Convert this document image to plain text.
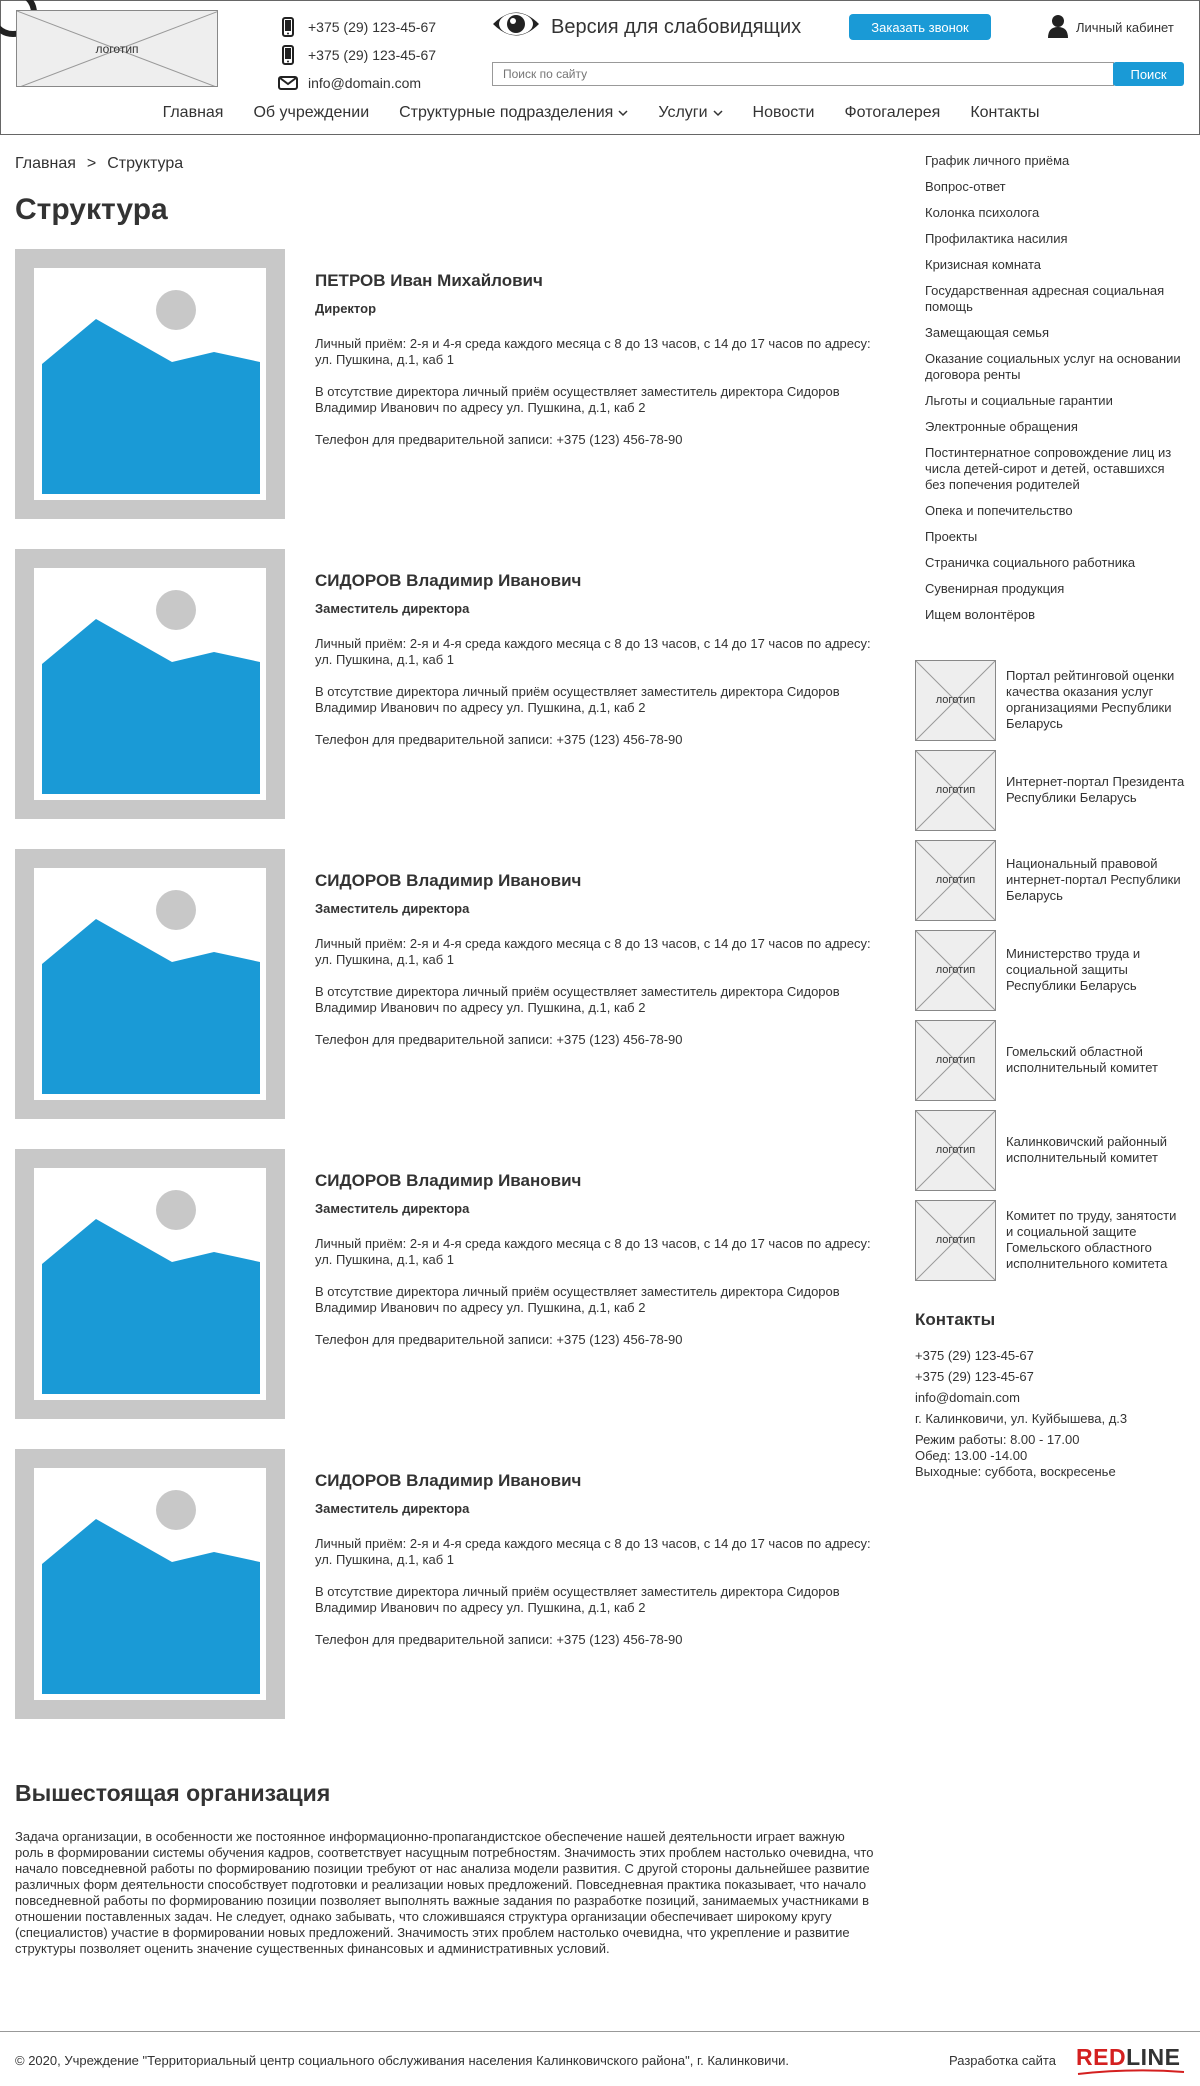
логотип
+375 (29) 123-45-67
+375 (29) 123-45-67
info@domain.com
Версия для слабовидящих	Заказать звонок	Личный кабинет
Поиск по сайту
Поиск
Главная Об учреждении Структурные подразделения	Услуги	Новости Фотогалерея Контакты
Главная > Структура
Структура
ПЕТРОВ Иван Михайлович
Директор
Личный приём: 2-я и 4-я среда каждого месяца с 8 до 13 часов, с 14 до 17 часов по адресу: ул. Пушкина, д.1, каб 1
В отсутствие директора личный приём осуществляет заместитель директора Сидоров Владимир Иванович по адресу ул. Пушкина, д.1, каб 2
Телефон для предварительной записи: +375 (123) 456-78-90
СИДОРОВ Владимир Иванович
Заместитель директора
Личный приём: 2-я и 4-я среда каждого месяца с 8 до 13 часов, с 14 до 17 часов по адресу: ул. Пушкина, д.1, каб 1
В отсутствие директора личный приём осуществляет заместитель директора Сидоров Владимир Иванович по адресу ул. Пушкина, д.1, каб 2
Телефон для предварительной записи: +375 (123) 456-78-90
СИДОРОВ Владимир Иванович
Заместитель директора
Личный приём: 2-я и 4-я среда каждого месяца с 8 до 13 часов, с 14 до 17 часов по адресу: ул. Пушкина, д.1, каб 1
В отсутствие директора личный приём осуществляет заместитель директора Сидоров Владимир Иванович по адресу ул. Пушкина, д.1, каб 2
Телефон для предварительной записи: +375 (123) 456-78-90
СИДОРОВ Владимир Иванович
Заместитель директора
Личный приём: 2-я и 4-я среда каждого месяца с 8 до 13 часов, с 14 до 17 часов по адресу: ул. Пушкина, д.1, каб 1
В отсутствие директора личный приём осуществляет заместитель директора Сидоров Владимир Иванович по адресу ул. Пушкина, д.1, каб 2
Телефон для предварительной записи: +375 (123) 456-78-90
СИДОРОВ Владимир Иванович
Заместитель директора
Личный приём: 2-я и 4-я среда каждого месяца с 8 до 13 часов, с 14 до 17 часов по адресу: ул. Пушкина, д.1, каб 1
В отсутствие директора личный приём осуществляет заместитель директора Сидоров Владимир Иванович по адресу ул. Пушкина, д.1, каб 2
Телефон для предварительной записи: +375 (123) 456-78-90
График личного приёма
Вопрос-ответ
Колонка психолога
Профилактика насилия
Кризисная комната
Государственная адресная социальная помощь
Замещающая семья
Оказание социальных услуг на основании договора ренты
Льготы и социальные гарантии
Электронные обращения
Постинтернатное сопровождение лиц из числа детей-сирот и детей, оставшихся без попечения родителей
Опека и попечительство
Проекты
Страничка социального работника
Сувенирная продукция
Ищем волонтёров
логотип
Портал рейтинговой оценки качества оказания услуг организациями Республики Беларусь
логотип
Интернет-портал Президента Республики Беларусь
логотип
Национальный правовой интернет-портал Республики Беларусь
логотип
Министерство труда и социальной защиты Республики Беларусь
логотип
Гомельский областной исполнительный комитет
логотип
Калинковичский районный исполнительный комитет
логотип
Комитет по труду, занятости и социальной защите Гомельского областного исполнительного комитета
Контакты
+375 (29) 123-45-67
+375 (29) 123-45-67
info@domain.com
г. Калинковичи, ул. Куйбышева, д.3
Режим работы: 8.00 - 17.00
Обед: 13.00 -14.00
Выходные: суббота, воскресенье
Вышестоящая организация

Задача организации, в особенности же постоянное информационно-пропагандистское обеспечение нашей деятельности играет важную роль в формировании системы обучения кадров, соответствует насущным потребностям. Значимость этих проблем настолько очевидна, что начало повседневной работы по формированию позиции требуют от нас анализа модели развития. С другой стороны дальнейшее развитие различных форм деятельности способствует подготовки и реализации новых предложений. Повседневная практика показывает, что начало повседневной работы по формированию позиции позволяет выполнять важные задания по разработке позиций, занимаемых участниками в отношении поставленных задач. Не следует, однако забывать, что сложившаяся структура организации обеспечивает широкому кругу (специалистов) участие в формировании новых предложений. Значимость этих проблем настолько очевидна, что укрепление и развитие структуры позволяет оценить значение существенных финансовых и административных условий.

© 2020, Учреждение "Территориальный центр социального обслуживания населения Калинковичского района", г. Калинковичи.	Разработка сайта REDLINE
